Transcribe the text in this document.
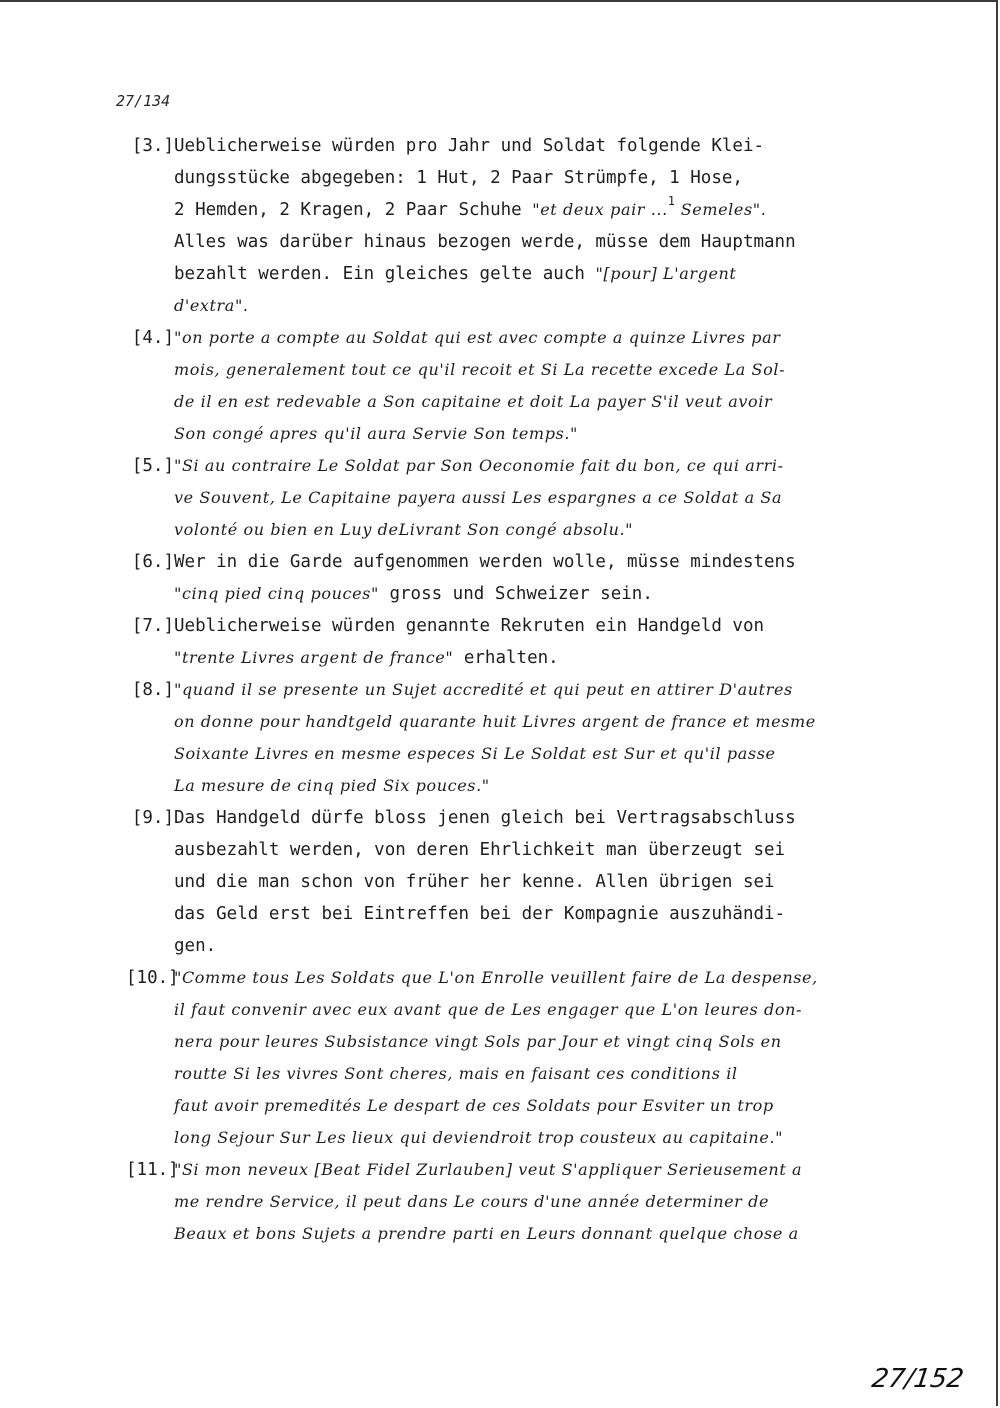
27/134
[3.] Ueblicherweise würden pro Jahr und Soldat folgende Klei-
dungsstücke abgegeben: 1 Hut, 2 Paar Strümpfe, 1 Hose,
2 Hemden, 2 Kragen, 2 Paar Schuhe "et deux pair ...$^1$ Semeles".
Alles was darüber hinaus bezogen werde, müsse dem Hauptmann
bezahlt werden. Ein gleiches gelte auch "[pour] L'argent
d'extra".
[4.] "on porte a compte au Soldat qui est avec compte a quinze Livres par
mois, generalement tout ce qu'il recoit et Si La recette excede La Sol-
de il en est redevable a Son capitaine et doit La payer S'il veut avoir
Son congé apres qu'il aura Servie Son temps."
[5.] "Si au contraire Le Soldat par Son Oeconomie fait du bon, ce qui arri-
ve Souvent, Le Capitaine payera aussi Les espargnes a ce Soldat a Sa
volonté ou bien en Luy deLivrant Son congé absolu."
[6.] Wer in die Garde aufgenommen werden wolle, müsse mindestens
"cinq pied cinq pouces" gross und Schweizer sein.
[7.] Ueblicherweise würden genannte Rekruten ein Handgeld von
"trente Livres argent de france" erhalten.
[8.] "quand il se presente un Sujet accredité et qui peut en attirer D'autres
on donne pour handtgeld quarante huit Livres argent de france et mesme
Soixante Livres en mesme especes Si Le Soldat est Sur et qu'il passe
La mesure de cinq pied Six pouces."
[9.] Das Handgeld dürfe bloss jenen gleich bei Vertragsabschluss
ausbezahlt werden, von deren Ehrlichkeit man überzeugt sei
und die man schon von früher her kenne. Allen übrigen sei
das Geld erst bei Eintreffen bei der Kompagnie auszuhändi-
gen.
[10.]
"Comme tous Les Soldats que L'on Enrolle veuillent faire de La despense,
il faut convenir avec eux avant que de Les engager que L'on leures don-
nera pour leures Subsistance vingt Sols par Jour et vingt cinq Sols en
routte Si les vivres Sont cheres, mais en faisant ces conditions il
faut avoir premedités Le despart de ces Soldats pour Esviter un trop
long Sejour Sur Les lieux qui deviendroit trop cousteux au capitaine."
[11.]
"Si mon neveux [Beat Fidel Zurlauben] veut S'appliquer Serieusement a
me rendre Service, il peut dans Le cours d'une année determiner de
Beaux et bons Sujets a prendre parti en Leurs donnant quelque chose a
27/152
